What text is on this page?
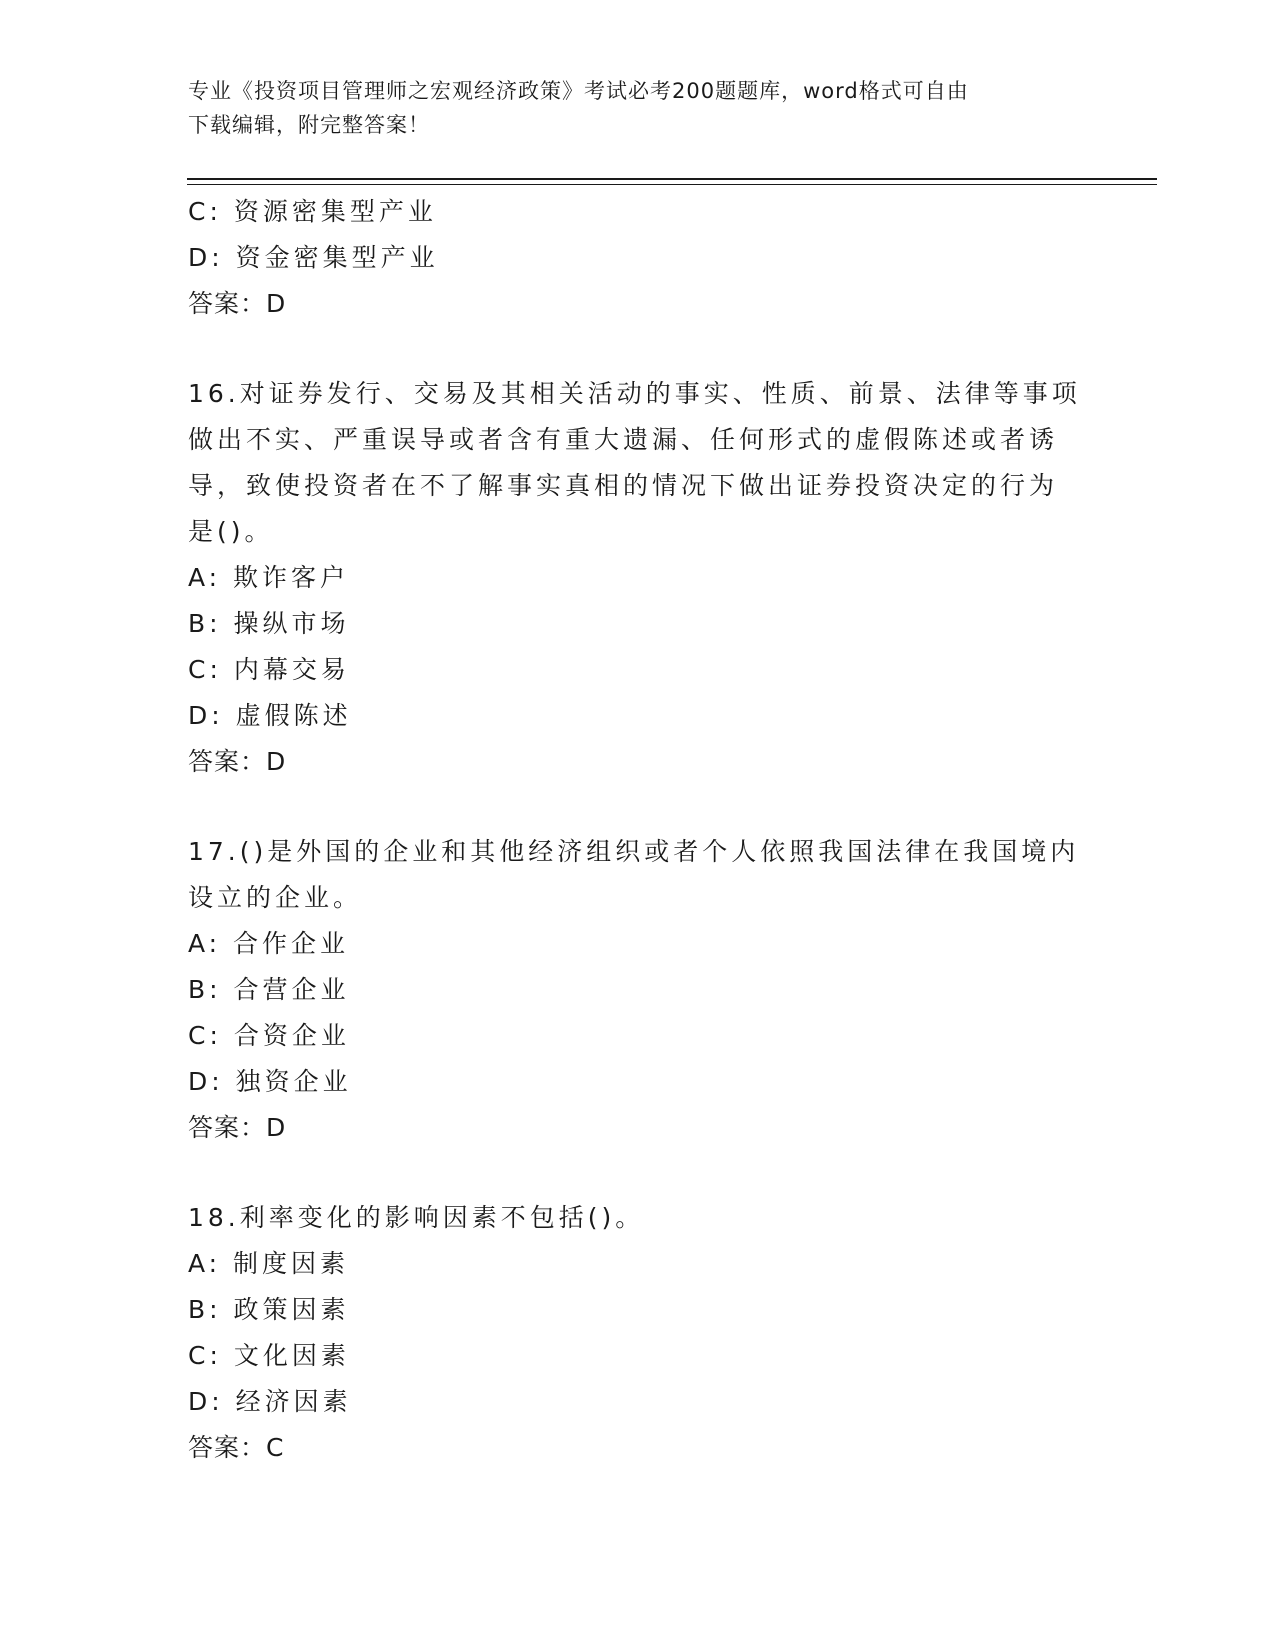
专业《投资项目管理师之宏观经济政策》考试必考200题题库，word格式可自由
下载编辑，附完整答案！
C: 资源密集型产业
D: 资金密集型产业
答案：D
16.对证券发行、交易及其相关活动的事实、性质、前景、法律等事项
做出不实、严重误导或者含有重大遗漏、任何形式的虚假陈述或者诱
导，致使投资者在不了解事实真相的情况下做出证券投资决定的行为
是()。
A: 欺诈客户
B: 操纵市场
C: 内幕交易
D: 虚假陈述
答案：D
17.()是外国的企业和其他经济组织或者个人依照我国法律在我国境内
设立的企业。
A: 合作企业
B: 合营企业
C: 合资企业
D: 独资企业
答案：D
18.利率变化的影响因素不包括()。
A: 制度因素
B: 政策因素
C: 文化因素
D: 经济因素
答案：C
